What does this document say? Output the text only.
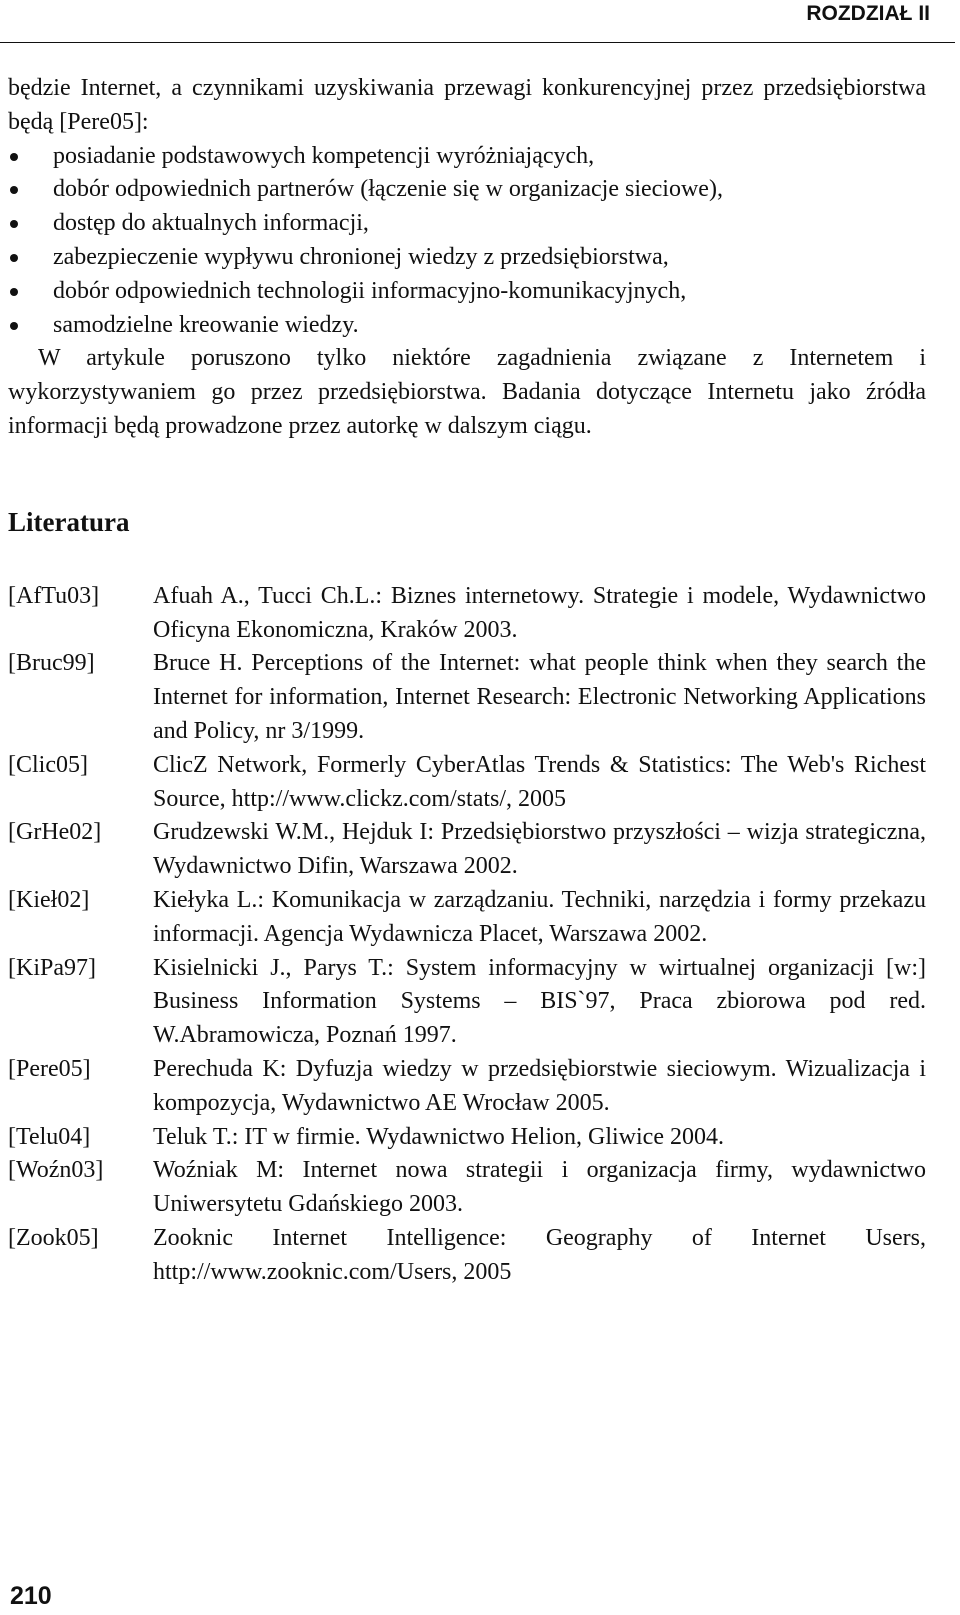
ROZDZIAŁ II

będzie Internet, a czynnikami uzyskiwania przewagi konkurencyjnej przez przedsiębiorstwa będą [Pere05]:

posiadanie podstawowych kompetencji wyróżniających,
dobór odpowiednich partnerów (łączenie się w organizacje sieciowe),
dostęp do aktualnych informacji,
zabezpieczenie wypływu chronionej wiedzy z przedsiębiorstwa,
dobór odpowiednich technologii informacyjno-komunikacyjnych,
samodzielne kreowanie wiedzy.

W artykule poruszono tylko niektóre zagadnienia związane z Internetem i wykorzystywaniem go przez przedsiębiorstwa. Badania dotyczące Internetu jako źródła informacji będą prowadzone przez autorkę w dalszym ciągu.

Literatura
[AfTu03]	Afuah A., Tucci Ch.L.: Biznes internetowy. Strategie i modele, Wydawnictwo Oficyna Ekonomiczna, Kraków 2003.
[Bruc99]	Bruce H. Perceptions of the Internet: what people think when they search the Internet for information, Internet Research: Electronic Networking Applications and Policy, nr 3/1999.
[Clic05]	ClicZ Network, Formerly CyberAtlas Trends & Statistics: The Web's Richest Source, http://www.clickz.com/stats/, 2005
[GrHe02]	Grudzewski W.M., Hejduk I: Przedsiębiorstwo przyszłości – wizja strategiczna, Wydawnictwo Difin, Warszawa 2002.
[Kieł02]	Kiełyka L.: Komunikacja w zarządzaniu. Techniki, narzędzia i formy przekazu informacji. Agencja Wydawnicza Placet, Warszawa 2002.
[KiPa97]	Kisielnicki J., Parys T.: System informacyjny w wirtualnej organizacji [w:] Business Information Systems – BIS`97, Praca zbiorowa pod red. W.Abramowicza, Poznań 1997.
[Pere05]	Perechuda K: Dyfuzja wiedzy w przedsiębiorstwie sieciowym. Wizualizacja i kompozycja, Wydawnictwo AE Wrocław 2005.
[Telu04]	Teluk T.: IT w firmie. Wydawnictwo Helion, Gliwice 2004.
[Woźn03]	Woźniak M: Internet nowa strategii i organizacja firmy, wydawnictwo Uniwersytetu Gdańskiego 2003.
[Zook05]	Zooknic Internet Intelligence: Geography of Internet Users, http://www.zooknic.com/Users, 2005
210
